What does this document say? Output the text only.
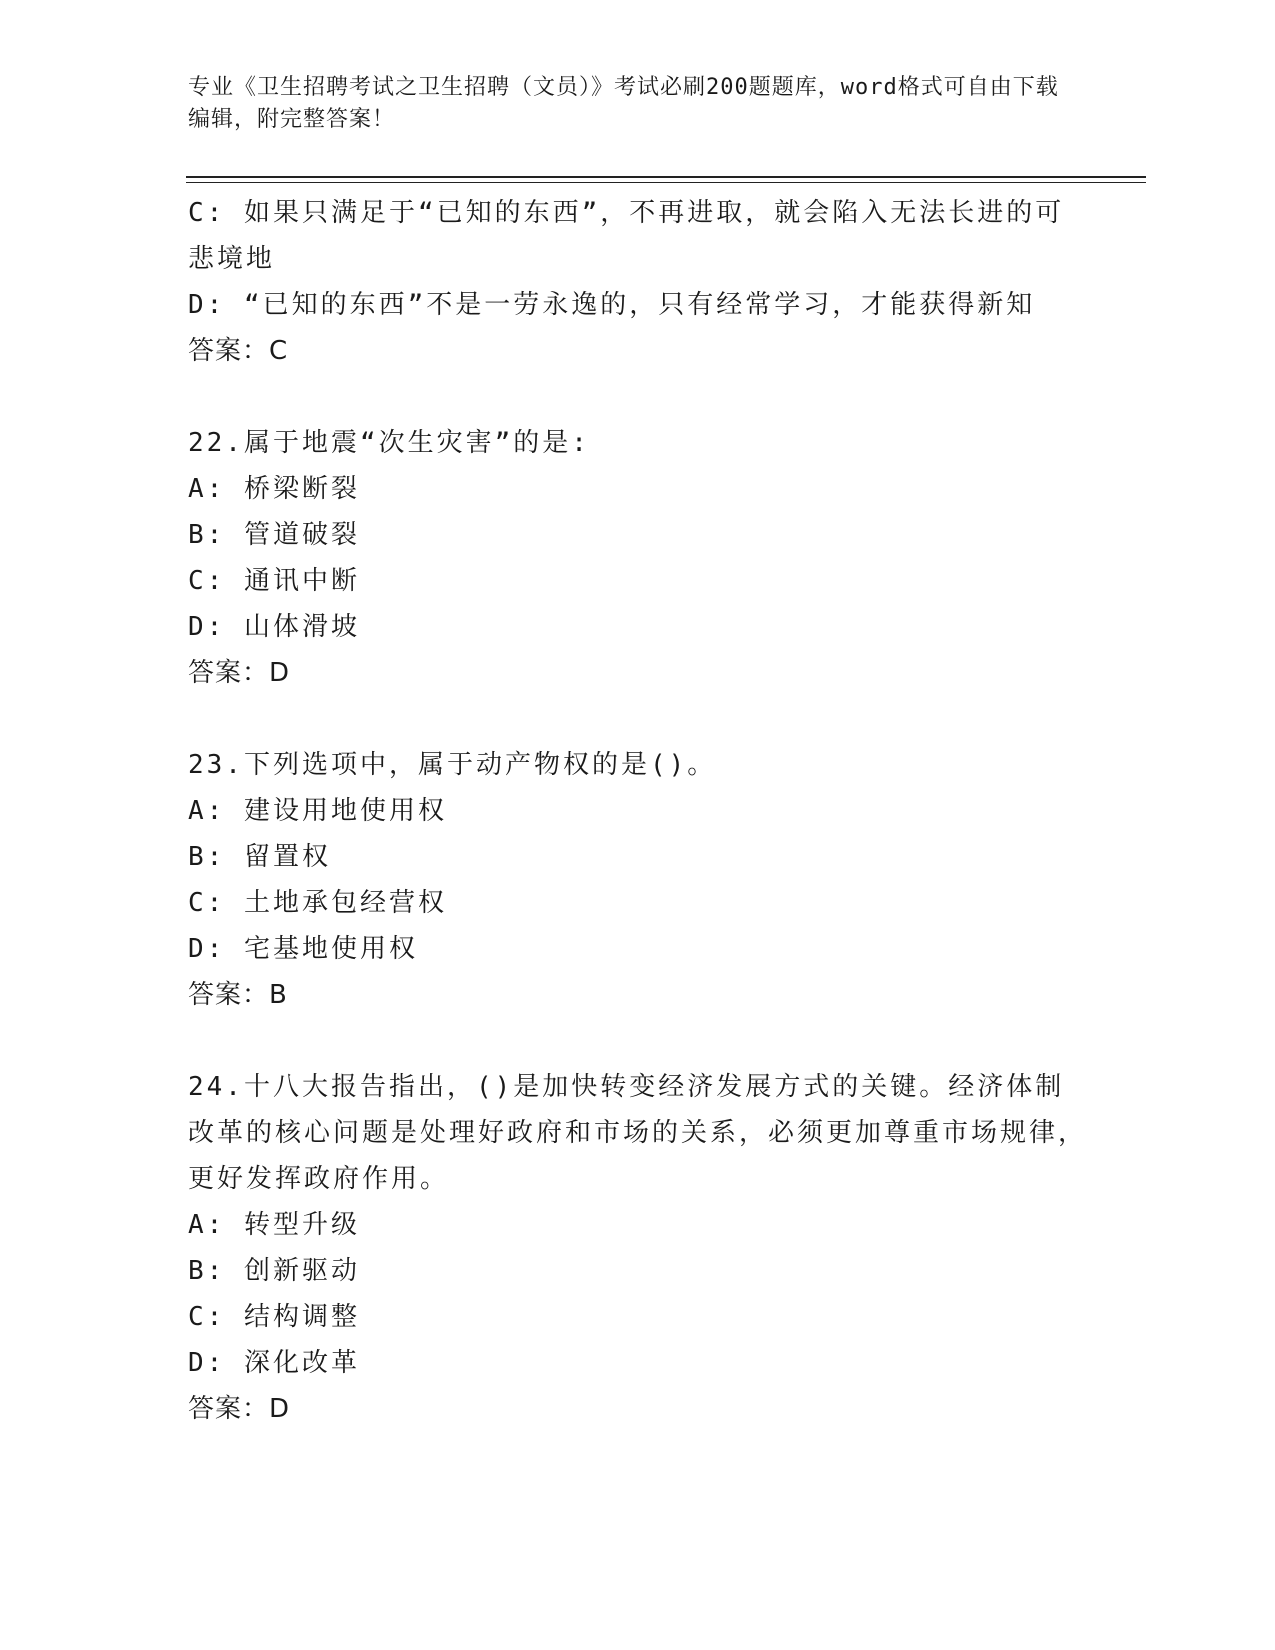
专业《卫生招聘考试之卫生招聘（文员）》考试必刷200题题库，word格式可自由下载编辑，附完整答案！
C: 如果只满足于“已知的东西”，不再进取，就会陷入无法长进的可悲境地
D: “已知的东西”不是一劳永逸的，只有经常学习，才能获得新知
答案：C
22.属于地震“次生灾害”的是:
A: 桥梁断裂
B: 管道破裂
C: 通讯中断
D: 山体滑坡
答案：D
23.下列选项中，属于动产物权的是()。
A: 建设用地使用权
B: 留置权
C: 土地承包经营权
D: 宅基地使用权
答案：B
24.十八大报告指出，()是加快转变经济发展方式的关键。经济体制改革的核心问题是处理好政府和市场的关系，必须更加尊重市场规律，更好发挥政府作用。
A: 转型升级
B: 创新驱动
C: 结构调整
D: 深化改革
答案：D
